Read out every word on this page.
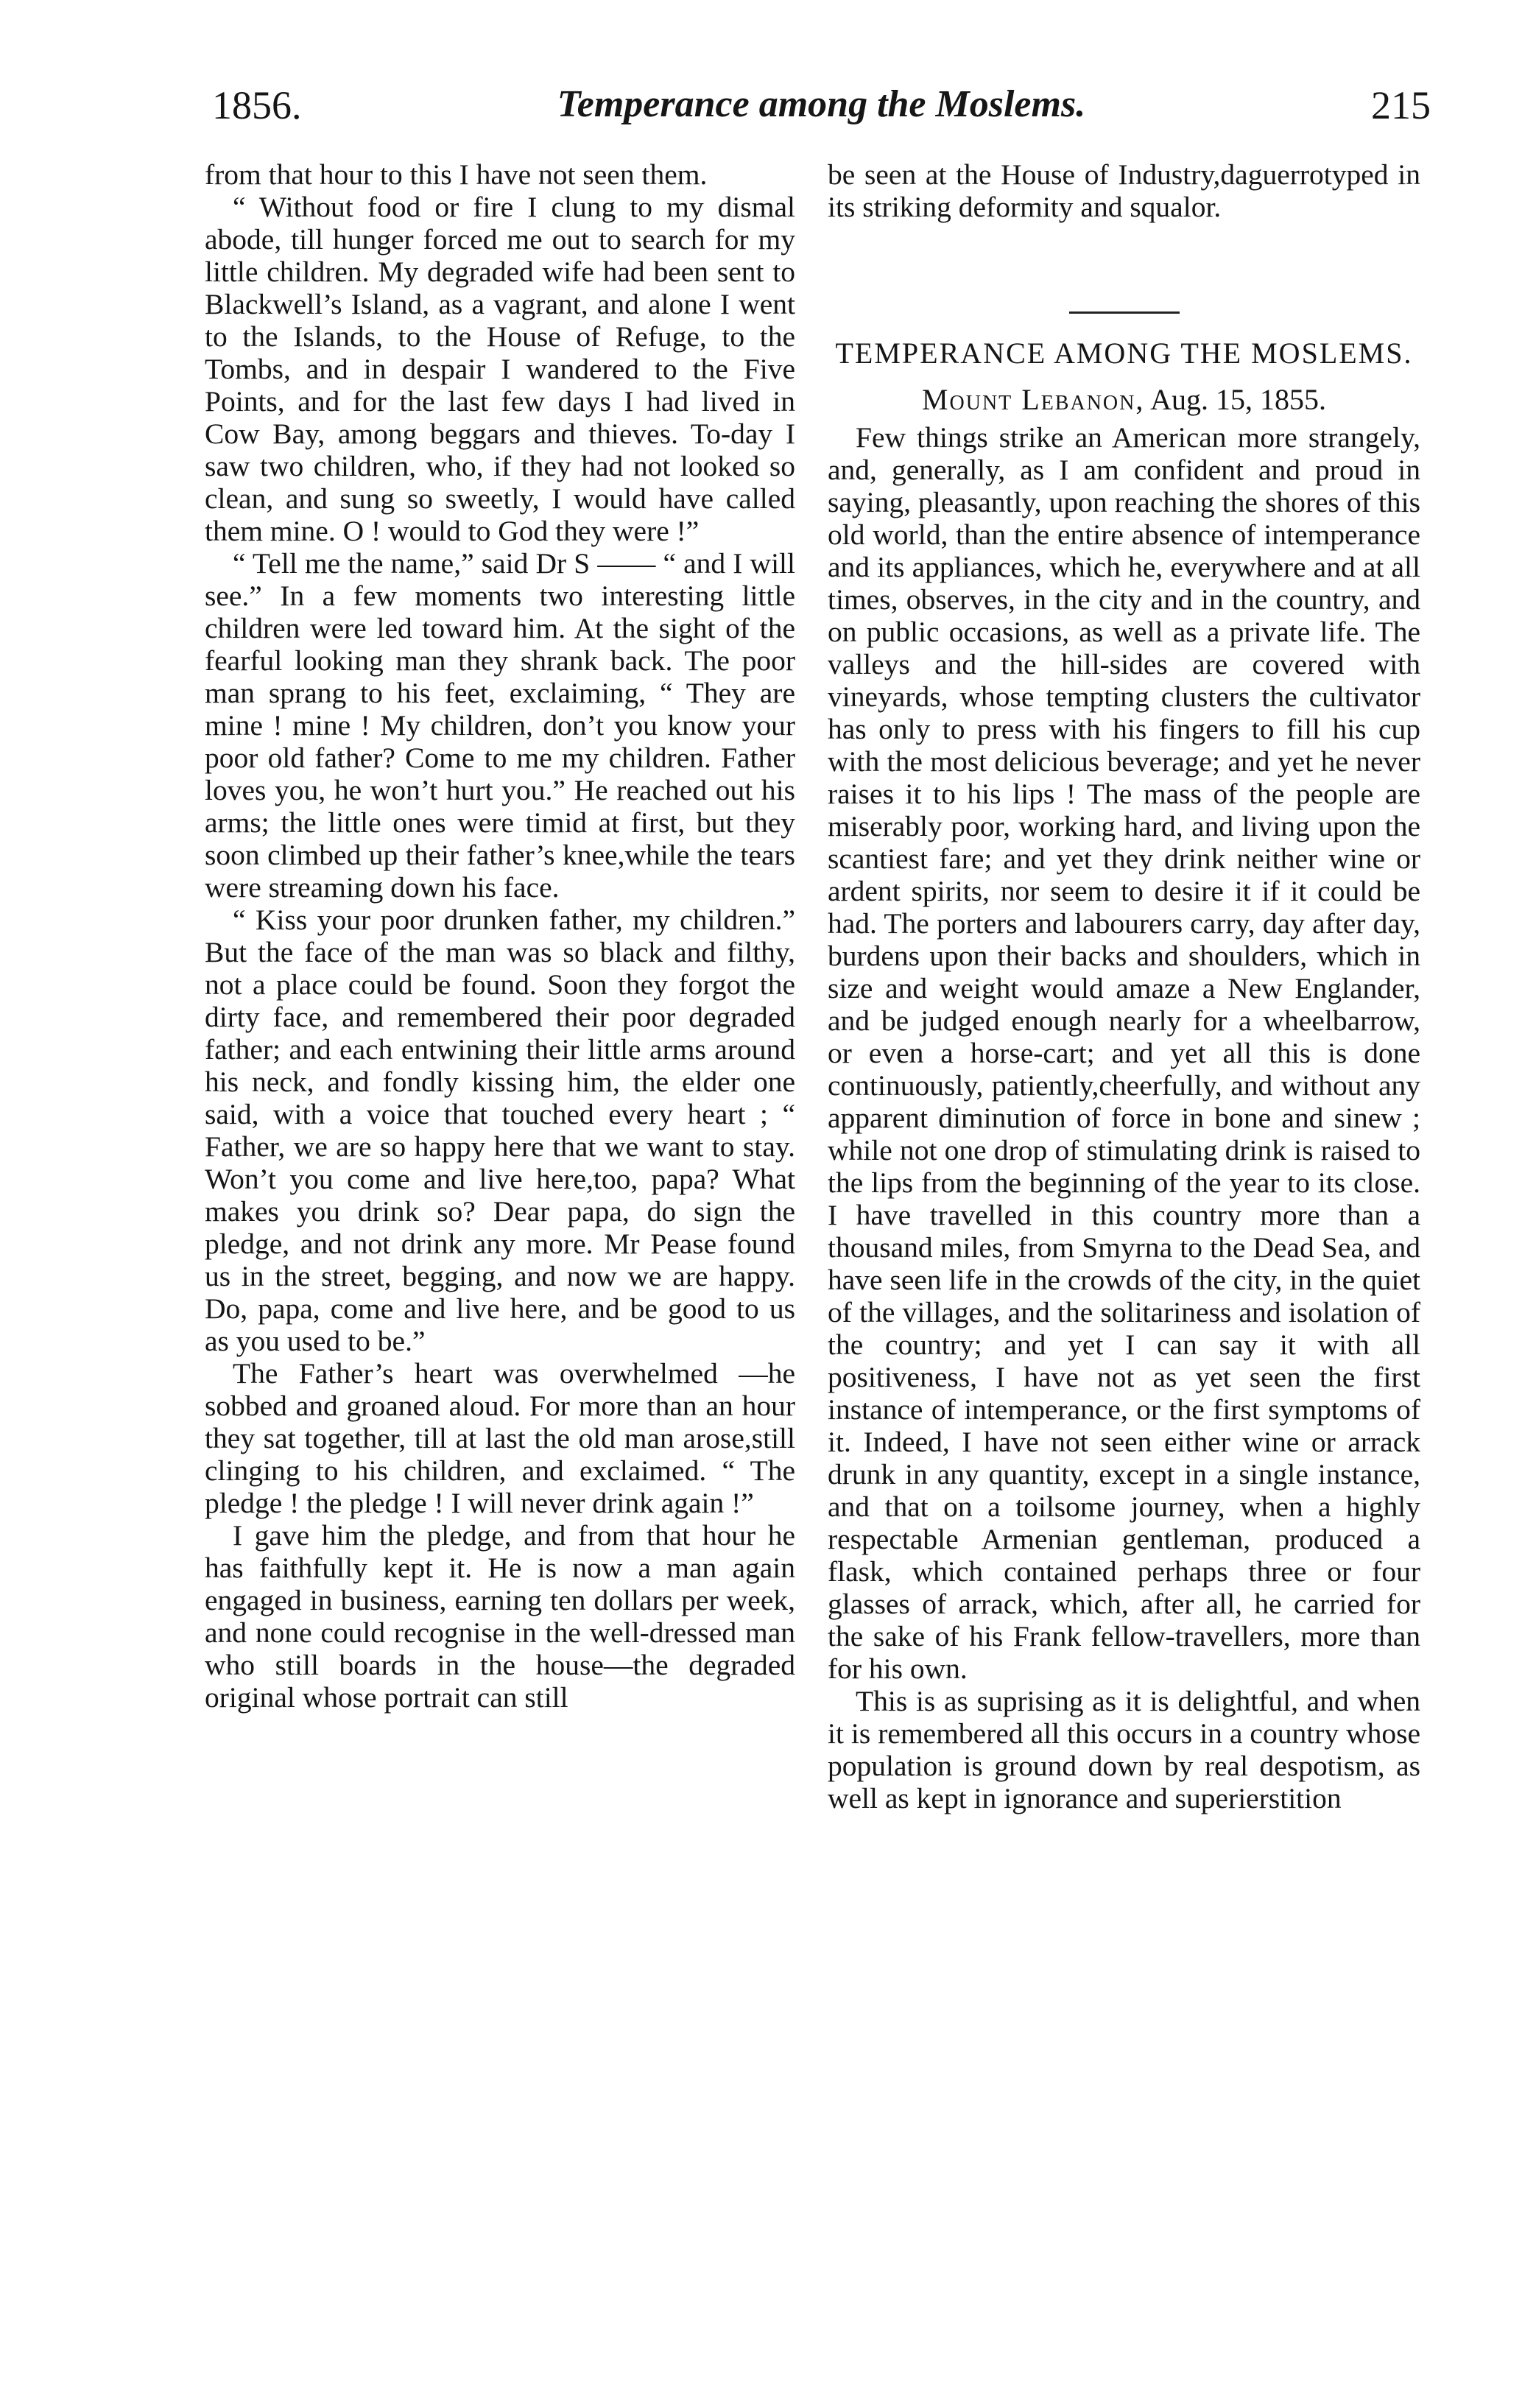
1856.	Temperance among the Moslems.	215

from that hour to this I have not seen them.

“ Without food or fire I clung to my dismal abode, till hunger forced me out to search for my little children. My degraded wife had been sent to Blackwell’s Island, as a vagrant, and alone I went to the Islands, to the House of Refuge, to the Tombs, and in despair I wandered to the Five Points, and for the last few days I had lived in Cow Bay, among beggars and thieves. To-day I saw two children, who, if they had not looked so clean, and sung so sweetly, I would have called them mine. O ! would to God they were !”

“ Tell me the name,” said Dr S —— “ and I will see.” In a few moments two interesting little children were led toward him. At the sight of the fearful looking man they shrank back. The poor man sprang to his feet, exclaiming, “ They are mine ! mine ! My children, don’t you know your poor old father? Come to me my children. Father loves you, he won’t hurt you.” He reached out his arms; the little ones were timid at first, but they soon climbed up their father’s knee,while the tears were streaming down his face.

“ Kiss your poor drunken father, my children.” But the face of the man was so black and filthy, not a place could be found. Soon they forgot the dirty face, and remembered their poor degraded father; and each entwining their little arms around his neck, and fondly kissing him, the elder one said, with a voice that touched every heart ; “ Father, we are so happy here that we want to stay. Won’t you come and live here,too, papa? What makes you drink so? Dear papa, do sign the pledge, and not drink any more. Mr Pease found us in the street, begging, and now we are happy. Do, papa, come and live here, and be good to us as you used to be.”

The Father’s heart was overwhelmed —he sobbed and groaned aloud. For more than an hour they sat together, till at last the old man arose,still clinging to his children, and exclaimed. “ The pledge ! the pledge ! I will never drink again !”

I gave him the pledge, and from that hour he has faithfully kept it. He is now a man again engaged in business, earning ten dollars per week, and none could recognise in the well-dressed man who still boards in the house—the degraded original whose portrait can still

be seen at the House of Industry,daguerrotyped in its striking deformity and squalor.

TEMPERANCE AMONG THE MOSLEMS.

Mount Lebanon, Aug. 15, 1855.

Few things strike an American more strangely, and, generally, as I am confident and proud in saying, pleasantly, upon reaching the shores of this old world, than the entire absence of intemperance and its appliances, which he, everywhere and at all times, observes, in the city and in the country, and on public occasions, as well as a private life. The valleys and the hill-sides are covered with vineyards, whose tempting clusters the cultivator has only to press with his fingers to fill his cup with the most delicious beverage; and yet he never raises it to his lips ! The mass of the people are miserably poor, working hard, and living upon the scantiest fare; and yet they drink neither wine or ardent spirits, nor seem to desire it if it could be had. The porters and labourers carry, day after day, burdens upon their backs and shoulders, which in size and weight would amaze a New Englander, and be judged enough nearly for a wheelbarrow, or even a horse-cart; and yet all this is done continuously, patiently,cheerfully, and without any apparent diminution of force in bone and sinew ; while not one drop of stimulating drink is raised to the lips from the beginning of the year to its close. I have travelled in this country more than a thousand miles, from Smyrna to the Dead Sea, and have seen life in the crowds of the city, in the quiet of the villages, and the solitariness and isolation of the country; and yet I can say it with all positiveness, I have not as yet seen the first instance of intemperance, or the first symptoms of it. Indeed, I have not seen either wine or arrack drunk in any quantity, except in a single instance, and that on a toilsome journey, when a highly respectable Armenian gentleman, produced a flask, which contained perhaps three or four glasses of arrack, which, after all, he carried for the sake of his Frank fellow-travellers, more than for his own.

This is as suprising as it is delightful, and when it is remembered all this occurs in a country whose population is ground down by real despotism, as well as kept in ignorance and superierstition
